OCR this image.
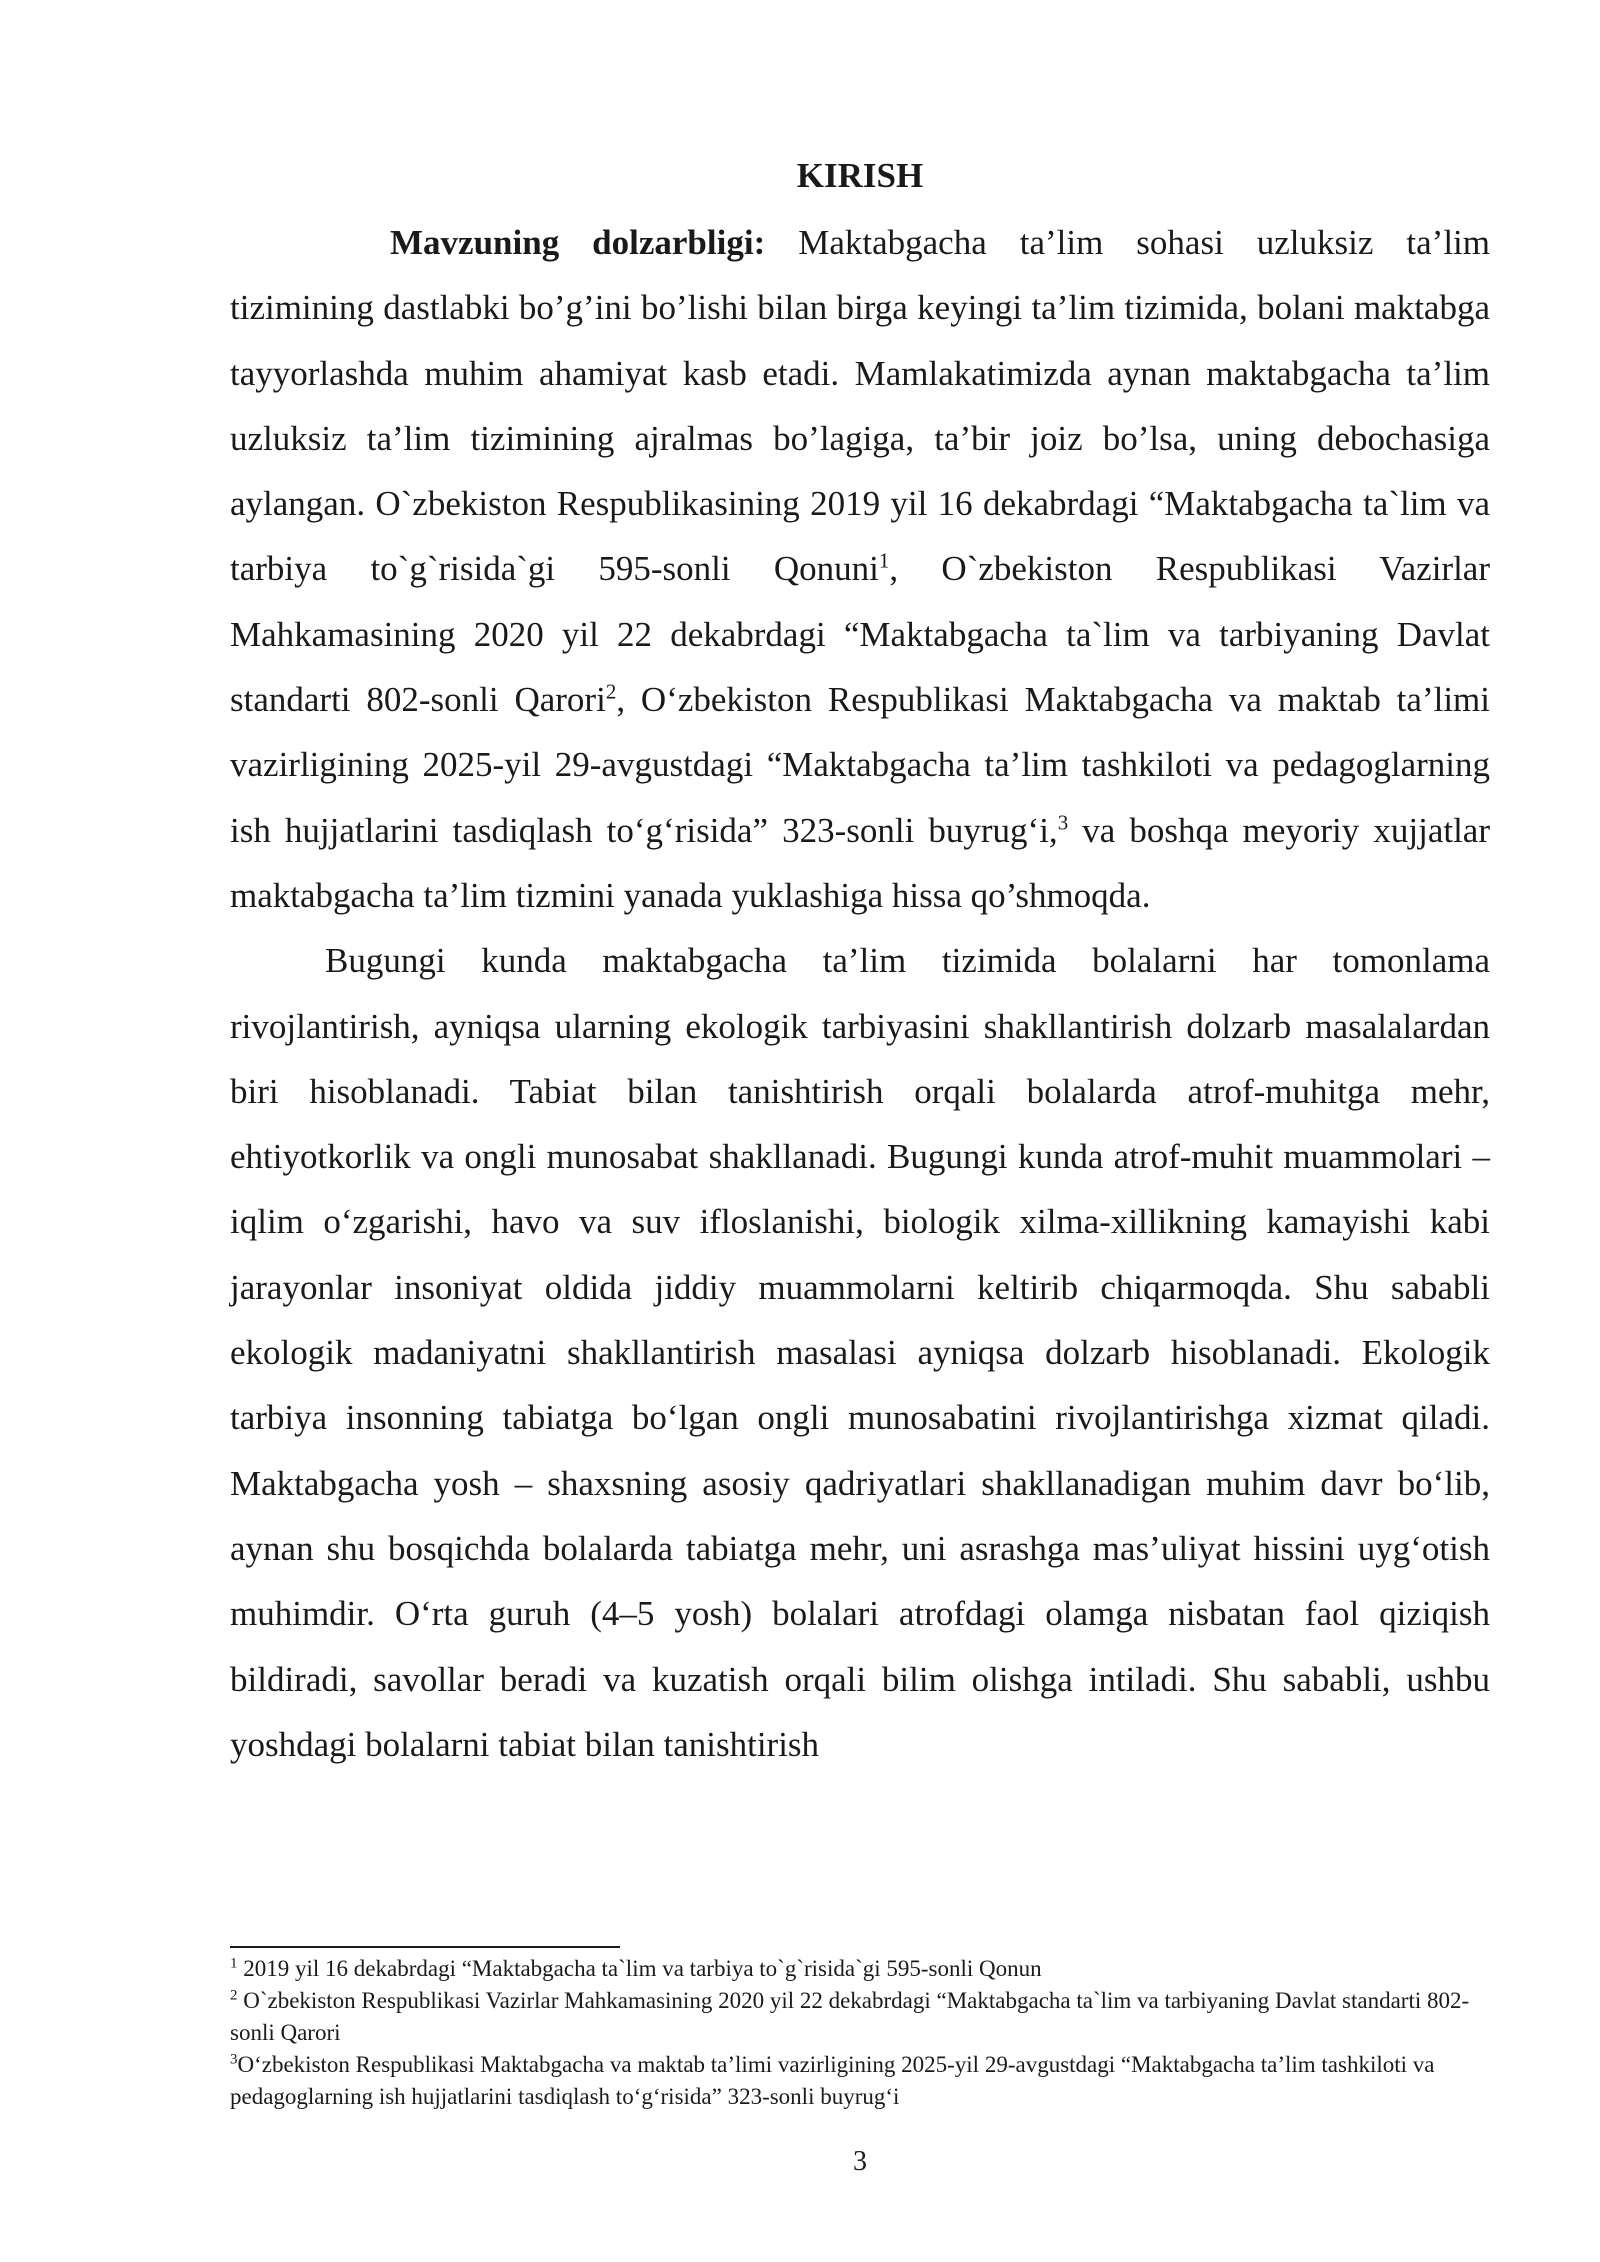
KIRISH

Mavzuning dolzarbligi: Maktabgacha ta’lim sohasi uzluksiz ta’lim tizimining dastlabki bo’g’ini bo’lishi bilan birga keyingi ta’lim tizimida, bolani maktabga tayyorlashda muhim ahamiyat kasb etadi. Mamlakatimizda aynan maktabgacha ta’lim uzluksiz ta’lim tizimining ajralmas bo’lagiga, ta’bir joiz bo’lsa, uning debochasiga aylangan. O`zbekiston Respublikasining 2019 yil 16 dekabrdagi “Maktabgacha ta`lim va tarbiya to`g`risida`gi 595-sonli Qonuni$^1$, O`zbekiston Respublikasi Vazirlar Mahkamasining 2020 yil 22 dekabrdagi “Maktabgacha ta`lim va tarbiyaning Davlat standarti 802-sonli Qarori$^2$, O‘zbekiston Respublikasi Maktabgacha va maktab ta’limi vazirligining 2025-yil 29-avgustdagi “Maktabgacha ta’lim tashkiloti va pedagoglarning ish hujjatlarini tasdiqlash to‘g‘risida” 323-sonli buyrug‘i,$^3$ va boshqa meyoriy xujjatlar maktabgacha ta’lim tizmini yanada yuklashiga hissa qo’shmoqda.

Bugungi kunda maktabgacha ta’lim tizimida bolalarni har tomonlama rivojlantirish, ayniqsa ularning ekologik tarbiyasini shakllantirish dolzarb masalalardan biri hisoblanadi. Tabiat bilan tanishtirish orqali bolalarda atrof-muhitga mehr, ehtiyotkorlik va ongli munosabat shakllanadi. Bugungi kunda atrof-muhit muammolari – iqlim o‘zgarishi, havo va suv ifloslanishi, biologik xilma-xillikning kamayishi kabi jarayonlar insoniyat oldida jiddiy muammolarni keltirib chiqarmoqda. Shu sababli ekologik madaniyatni shakllantirish masalasi ayniqsa dolzarb hisoblanadi. Ekologik tarbiya insonning tabiatga bo‘lgan ongli munosabatini rivojlantirishga xizmat qiladi. Maktabgacha yosh – shaxsning asosiy qadriyatlari shakllanadigan muhim davr bo‘lib, aynan shu bosqichda bolalarda tabiatga mehr, uni asrashga mas’uliyat hissini uyg‘otish muhimdir. O‘rta guruh (4–5 yosh) bolalari atrofdagi olamga nisbatan faol qiziqish bildiradi, savollar beradi va kuzatish orqali bilim olishga intiladi. Shu sababli, ushbu yoshdagi bolalarni tabiat bilan tanishtirish

$^1$ 2019 yil 16 dekabrdagi “Maktabgacha ta`lim va tarbiya to`g`risida`gi 595-sonli Qonun

$^2$ O`zbekiston Respublikasi Vazirlar Mahkamasining 2020 yil 22 dekabrdagi “Maktabgacha ta`lim va tarbiyaning Davlat standarti 802-sonli Qarori

$^3$O‘zbekiston Respublikasi Maktabgacha va maktab ta’limi vazirligining 2025-yil 29-avgustdagi “Maktabgacha ta’lim tashkiloti va pedagoglarning ish hujjatlarini tasdiqlash to‘g‘risida” 323-sonli buyrug‘i

3
